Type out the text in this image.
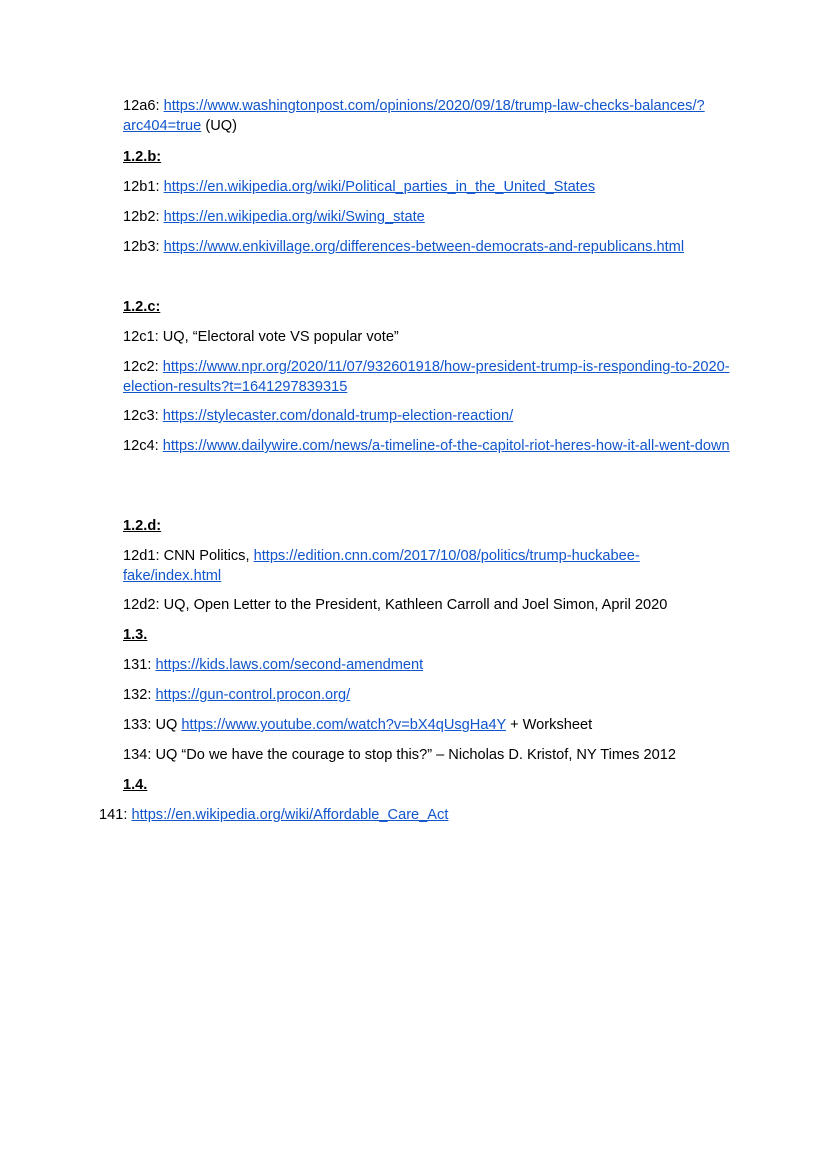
12a6: https://www.washingtonpost.com/opinions/2020/09/18/trump-law-checks-balances/?arc404=true (UQ)
1.2.b:
12b1: https://en.wikipedia.org/wiki/Political_parties_in_the_United_States
12b2: https://en.wikipedia.org/wiki/Swing_state
12b3: https://www.enkivillage.org/differences-between-democrats-and-republicans.html
1.2.c:
12c1: UQ, “Electoral vote VS popular vote”
12c2: https://www.npr.org/2020/11/07/932601918/how-president-trump-is-responding-to-2020-election-results?t=1641297839315
12c3: https://stylecaster.com/donald-trump-election-reaction/
12c4: https://www.dailywire.com/news/a-timeline-of-the-capitol-riot-heres-how-it-all-went-down
1.2.d:
12d1: CNN Politics, https://edition.cnn.com/2017/10/08/politics/trump-huckabee-fake/index.html
12d2: UQ, Open Letter to the President, Kathleen Carroll and Joel Simon, April 2020
1.3.
131: https://kids.laws.com/second-amendment
132: https://gun-control.procon.org/
133: UQ https://www.youtube.com/watch?v=bX4qUsgHa4Y + Worksheet
134: UQ “Do we have the courage to stop this?” – Nicholas D. Kristof, NY Times 2012
1.4.
141: https://en.wikipedia.org/wiki/Affordable_Care_Act
